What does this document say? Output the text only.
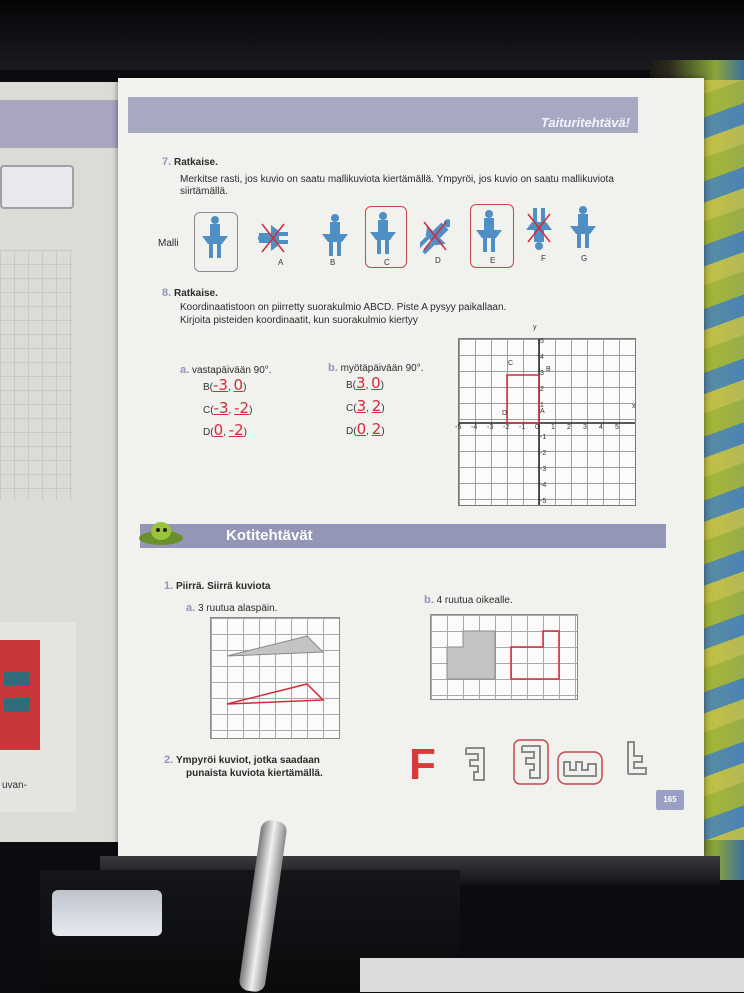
uvan-
Taituritehtävä!
7. Ratkaise.
Merkitse rasti, jos kuvio on saatu mallikuviota kiertämällä. Ympyröi, jos kuvio on saatu mallikuviota siirtämällä.
Malli
A	B	C	D	E	F	G
8. Ratkaise.
Koordinaatistoon on piirretty suorakulmio ABCD. Piste A pysyy paikallaan.
Kirjoita pisteiden koordinaatit, kun suorakulmio kiertyy
a. vastapäivään 90°.	b. myötäpäivään 90°.
B(-3, 0)
C(-3, -2)
D(0, -2)
B(3, 0)
C(3, 2)
D(0, 2)
y
x
A
B
C
D
-5 -4 -3 -2 -1 0 1 2 3 4 5
5
4
3
2
1
-1
-2
-3
-4
-5
Kotitehtävät
1. Piirrä. Siirrä kuviota
a. 3 ruutua alaspäin.
b. 4 ruutua oikealle.
2. Ympyröi kuviot, jotka saadaan
punaista kuviota kiertämällä. F
165
